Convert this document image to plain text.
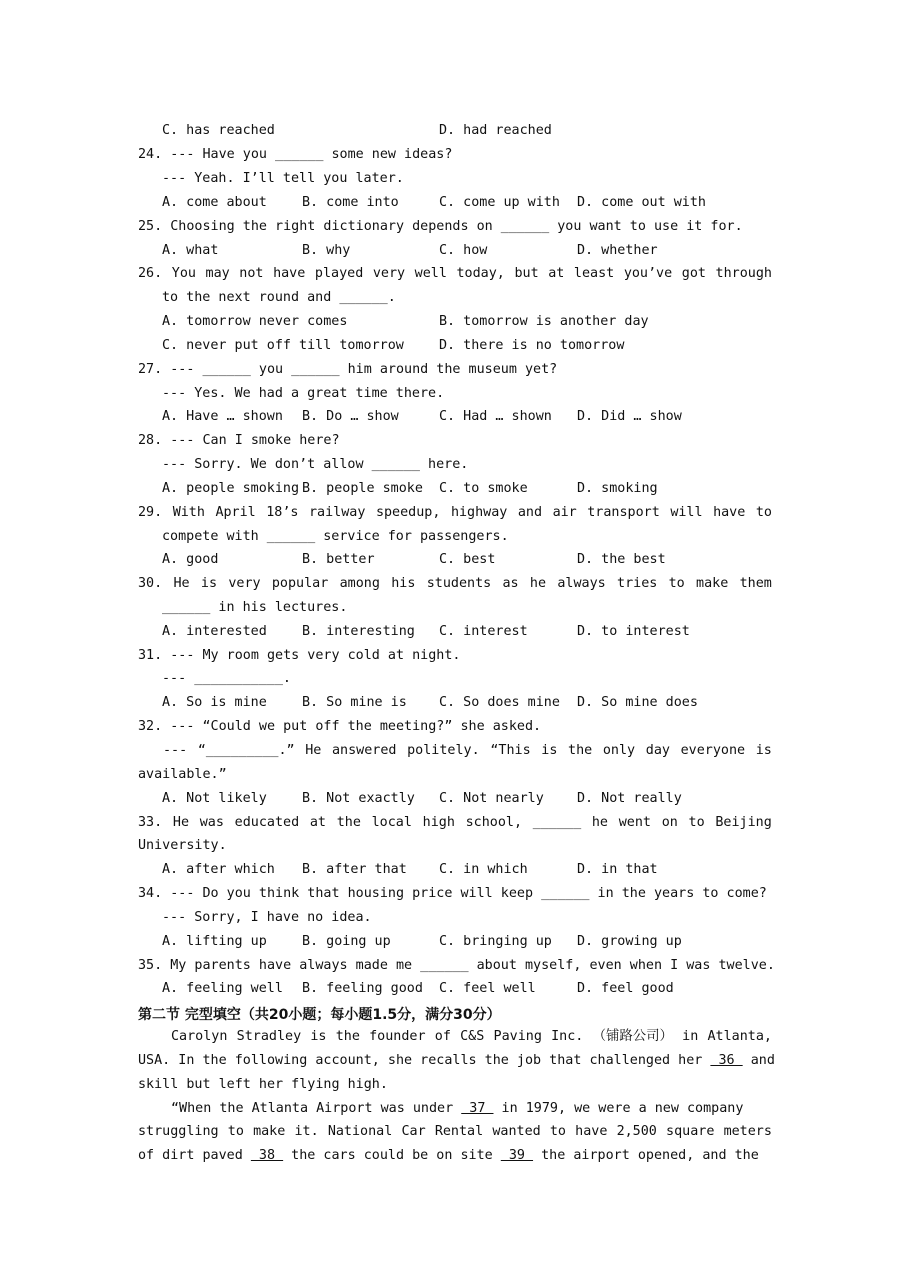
C. has reached	D. had reached
24. --- Have you ______ some new ideas?
--- Yeah. I’ll tell you later.
A. come about	B. come into	C. come up with D. come out with
25. Choosing the right dictionary depends on ______ you want to use it for.
A. what	B. why	C. how	D. whether
26. You may not have played very well today, but at least you’ve got through
to the next round and ______.
A. tomorrow never comes	B. tomorrow is another day
C. never put off till tomorrow	D. there is no tomorrow
27. --- ______ you ______ him around the museum yet?
--- Yes. We had a great time there.
A. Have … shown B. Do … show	C. Had … shown D. Did … show
28. --- Can I smoke here?
--- Sorry. We don’t allow ______ here.
A. people smoking B. people smoke C. to smoke	D. smoking
29. With April 18’s railway speedup, highway and air transport will have to
compete with ______ service for passengers.
A. good	B. better	C. best	D. the best
30. He is very popular among his students as he always tries to make them
______ in his lectures.
A. interested	B. interesting C. interest	D. to interest
31. --- My room gets very cold at night.
--- ___________.
A. So is mine	B. So mine is C. So does mine D. So mine does
32. --- “Could we put off the meeting?” she asked.
--- “_________.” He answered politely. “This is the only day everyone is
available.”
A. Not likely	B. Not exactly C. Not nearly D. Not really
33. He was educated at the local high school, ______ he went on to Beijing
University.
A. after which B. after that C. in which	D. in that
34. --- Do you think that housing price will keep ______ in the years to come?
--- Sorry, I have no idea.
A. lifting up	B. going up	C. bringing up D. growing up
35. My parents have always made me ______ about myself, even when I was twelve.
A. feeling well B. feeling good C. feel well	D. feel good
第二节 完型填空（共20小题；每小题1.5分，满分30分）
Carolyn Stradley is the founder of C&S Paving Inc. （铺路公司） in Atlanta,
USA. In the following account, she recalls the job that challenged her  36  and
skill but left her flying high.
“When the Atlanta Airport was under  37  in 1979, we were a new company
struggling to make it. National Car Rental wanted to have 2,500 square meters
of dirt paved  38  the cars could be on site  39  the airport opened, and the
